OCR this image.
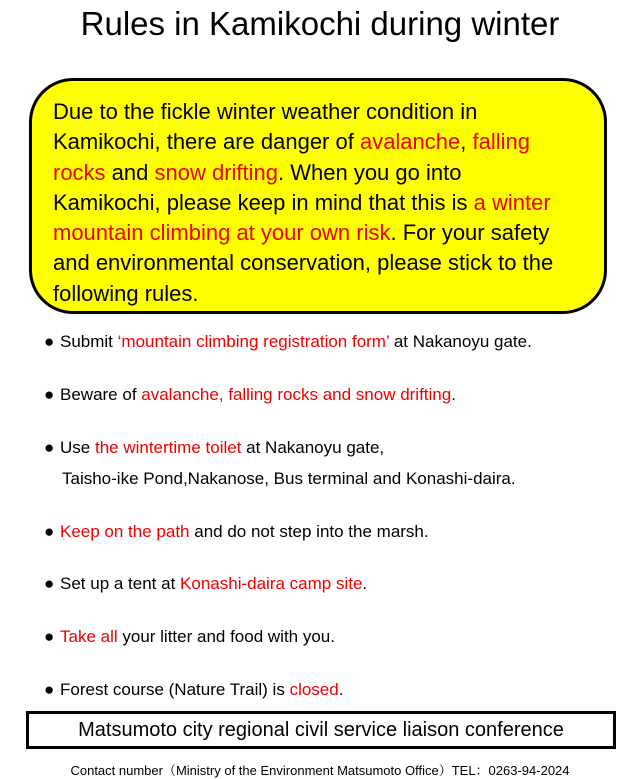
Rules in Kamikochi during winter
Due to the fickle winter weather condition in
Kamikochi, there are danger of avalanche, falling
rocks and snow drifting. When you go into
Kamikochi, please keep in mind that this is a winter
mountain climbing at your own risk. For your safety
and environmental conservation, please stick to the
following rules.
● Submit ‘mountain climbing registration form’ at Nakanoyu gate.
● Beware of avalanche, falling rocks and snow drifting.
● Use the wintertime toilet at Nakanoyu gate,
Taisho-ike Pond,Nakanose, Bus terminal and Konashi-daira.
● Keep on the path and do not step into the marsh.
● Set up a tent at Konashi-daira camp site.
● Take all your litter and food with you.
● Forest course (Nature Trail) is closed.
Matsumoto city regional civil service liaison conference
Contact number（Ministry of the Environment Matsumoto Office）TEL：0263-94-2024
